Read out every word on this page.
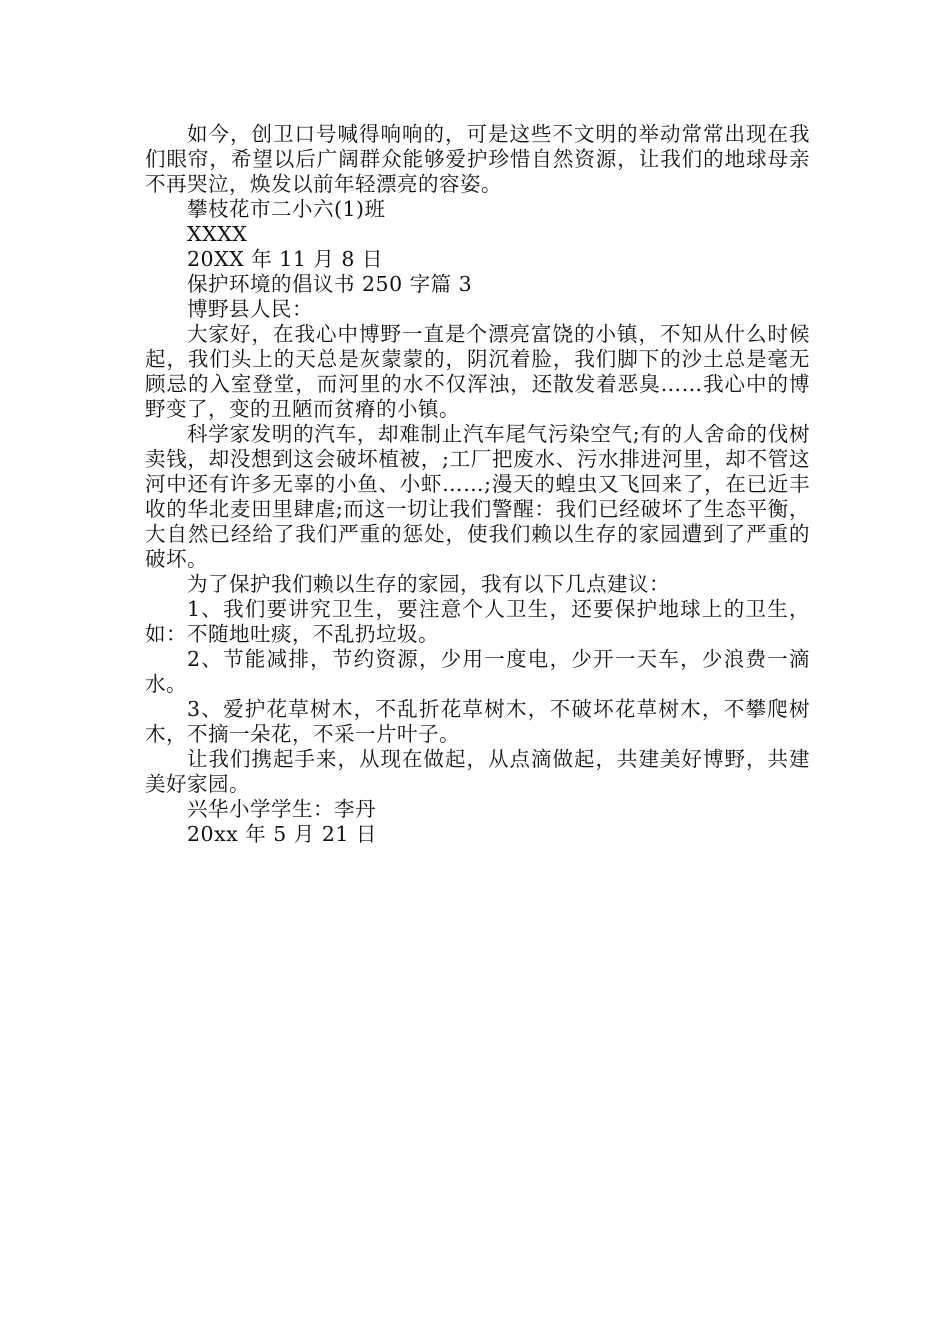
如今，创卫口号喊得响响的，可是这些不文明的举动常常出现在我们眼帘，希望以后广阔群众能够爱护珍惜自然资源，让我们的地球母亲不再哭泣，焕发以前年轻漂亮的容姿。

攀枝花市二小六(1)班

XXXX

20XX 年 11 月 8 日

保护环境的倡议书 250 字篇 3

博野县人民：

大家好，在我心中博野一直是个漂亮富饶的小镇，不知从什么时候起，我们头上的天总是灰蒙蒙的，阴沉着脸，我们脚下的沙土总是毫无顾忌的入室登堂，而河里的水不仅浑浊，还散发着恶臭……我心中的博野变了，变的丑陋而贫瘠的小镇。

科学家发明的汽车，却难制止汽车尾气污染空气;有的人舍命的伐树卖钱，却没想到这会破坏植被，;工厂把废水、污水排进河里，却不管这河中还有许多无辜的小鱼、小虾……;漫天的蝗虫又飞回来了，在已近丰收的华北麦田里肆虐;而这一切让我们警醒：我们已经破坏了生态平衡，大自然已经给了我们严重的惩处，使我们赖以生存的家园遭到了严重的破坏。

为了保护我们赖以生存的家园，我有以下几点建议：

1、我们要讲究卫生，要注意个人卫生，还要保护地球上的卫生，如：不随地吐痰，不乱扔垃圾。

2、节能减排，节约资源，少用一度电，少开一天车，少浪费一滴水。

3、爱护花草树木，不乱折花草树木，不破坏花草树木，不攀爬树木，不摘一朵花，不采一片叶子。

让我们携起手来，从现在做起，从点滴做起，共建美好博野，共建美好家园。

兴华小学学生：李丹

20xx 年 5 月 21 日
